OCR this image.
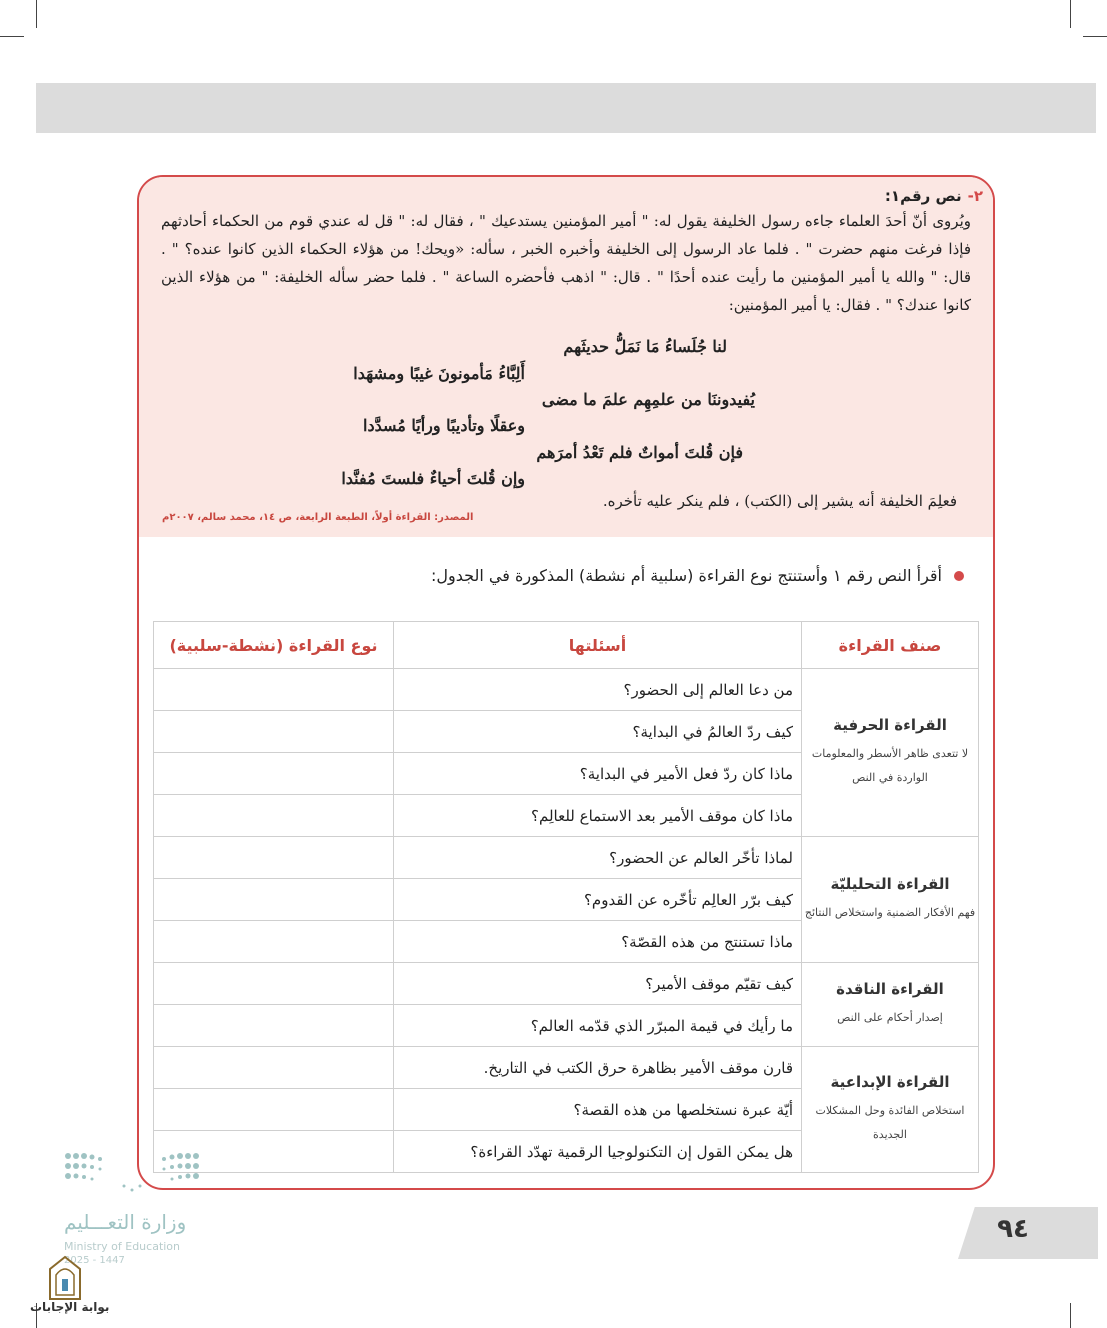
٢-نص رقم١:

ويُروى أنّ أحدَ العلماء جاءه رسول الخليفة يقول له: " أمير المؤمنين يستدعيك " ، فقال له: " قل له عندي قوم من الحكماء أحادثهم فإذا فرغت منهم حضرت " . فلما عاد الرسول إلى الخليفة وأخبره الخبر ، سأله: «ويحك! من هؤلاء الحكماء الذين كانوا عنده؟ " . قال: " والله يا أمير المؤمنين ما رأيت عنده أحدًا " . قال: " اذهب فأحضره الساعة " . فلما حضر سأله الخليفة: " من هؤلاء الذين كانوا عندك؟ " . فقال: يا أمير المؤمنين:

لنا جُلَساءُ مَا نَمَلُّ حديثَهم
أَلِبَّاءُ مَأمونونَ غيبًا ومشهَدا
يُفيدوننَا من علمِهِم علمَ ما مضى
وعقلًا وتأديبًا ورأيًا مُسدَّدا
فإن قُلتَ أمواتٌ فلم تَعْدُ أمرَهم
وإن قُلتَ أحياءٌ فلستَ مُفنَّدا
فعلِمَ الخليفة أنه يشير إلى (الكتب) ، فلم ينكر عليه تأخره.
المصدر: القراءة أولاً، الطبعة الرابعة، ص ١٤، محمد سالم، ٢٠٠٧م
أقرأ النص رقم ١ وأستنتج نوع القراءة (سلبية أم نشطة) المذكورة في الجدول:
صنف القراءة	أسئلتها	نوع القراءة (نشطة-سلبية)

القراءة الحرفية
لا تتعدى ظاهر الأسطر والمعلومات الواردة في النص	من دعا العالم إلى الحضور؟	
	كيف ردّ العالمُ في البداية؟	
	ماذا كان ردّ فعل الأمير في البداية؟	
	ماذا كان موقف الأمير بعد الاستماع للعالِم؟	

القراءة التحليليّة
فهم الأفكار الضمنية واستخلاص النتائج	لماذا تأخّر العالم عن الحضور؟	
	كيف برّر العالِم تأخّره عن القدوم؟	
	ماذا تستنتج من هذه القصّة؟	

القراءة الناقدة
إصدار أحكام على النص	كيف تقيّم موقف الأمير؟	
	ما رأيك في قيمة المبرّر الذي قدّمه العالم؟	

القراءة الإبداعية
استخلاص الفائدة وحل المشكلات الجديدة	قارن موقف الأمير بظاهرة حرق الكتب في التاريخ.	
	أيّة عبرة نستخلصها من هذه القصة؟	
	هل يمكن القول إن التكنولوجيا الرقمية تهدّد القراءة؟	
وزارة التعـــليم
Ministry of Education
2025 - 1447
٩٤
بوابة الإجابات
